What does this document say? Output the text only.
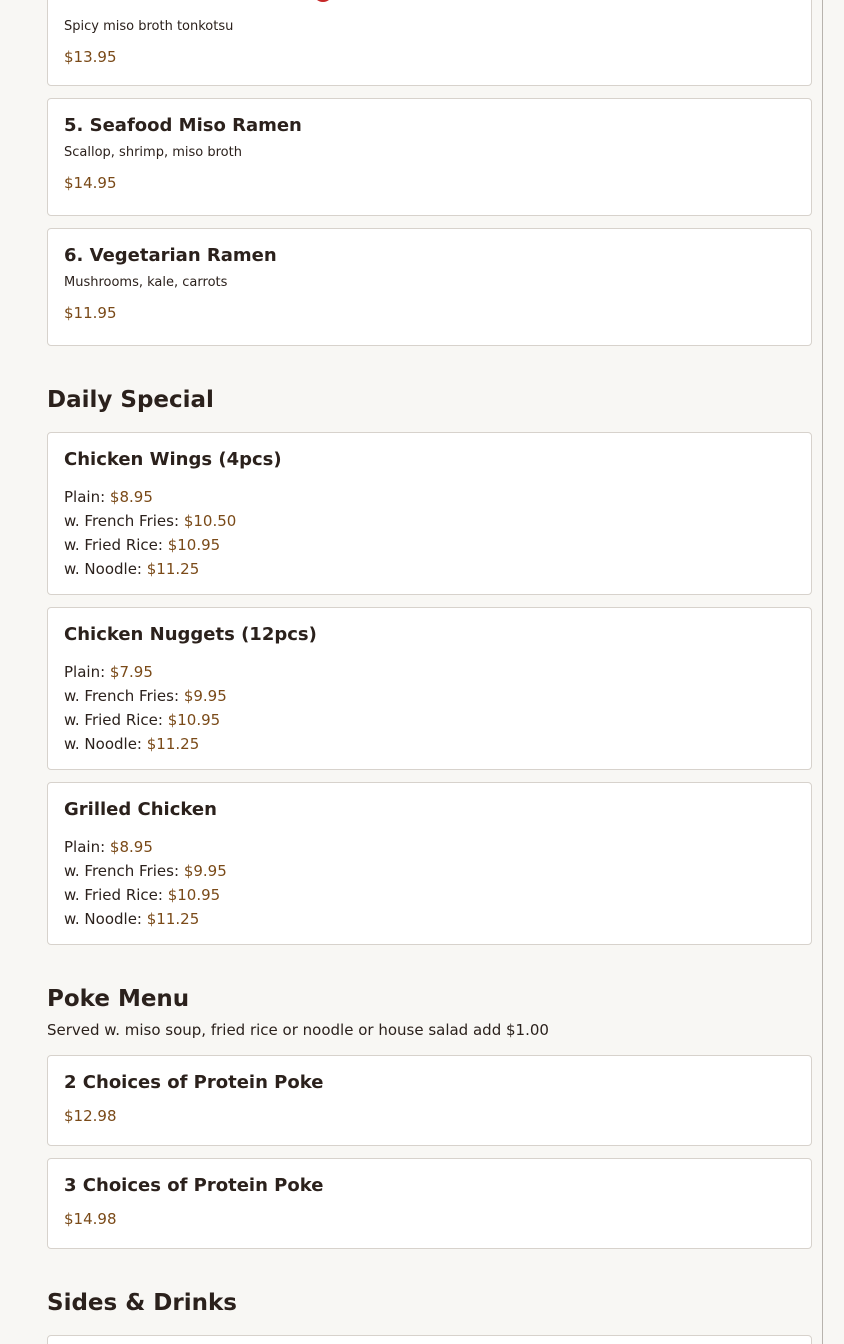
Spicy miso broth tonkotsu
$13.95
5. Seafood Miso Ramen
Scallop, shrimp, miso broth
$14.95
6. Vegetarian Ramen
Mushrooms, kale, carrots
$11.95
Daily Special
Chicken Wings (4pcs)
Plain: $8.95
w. French Fries: $10.50
w. Fried Rice: $10.95
w. Noodle: $11.25
Chicken Nuggets (12pcs)
Plain: $7.95
w. French Fries: $9.95
w. Fried Rice: $10.95
w. Noodle: $11.25
Grilled Chicken
Plain: $8.95
w. French Fries: $9.95
w. Fried Rice: $10.95
w. Noodle: $11.25
Poke Menu
Served w. miso soup, fried rice or noodle or house salad add $1.00
2 Choices of Protein Poke
$12.98
3 Choices of Protein Poke
$14.98
Sides & Drinks
